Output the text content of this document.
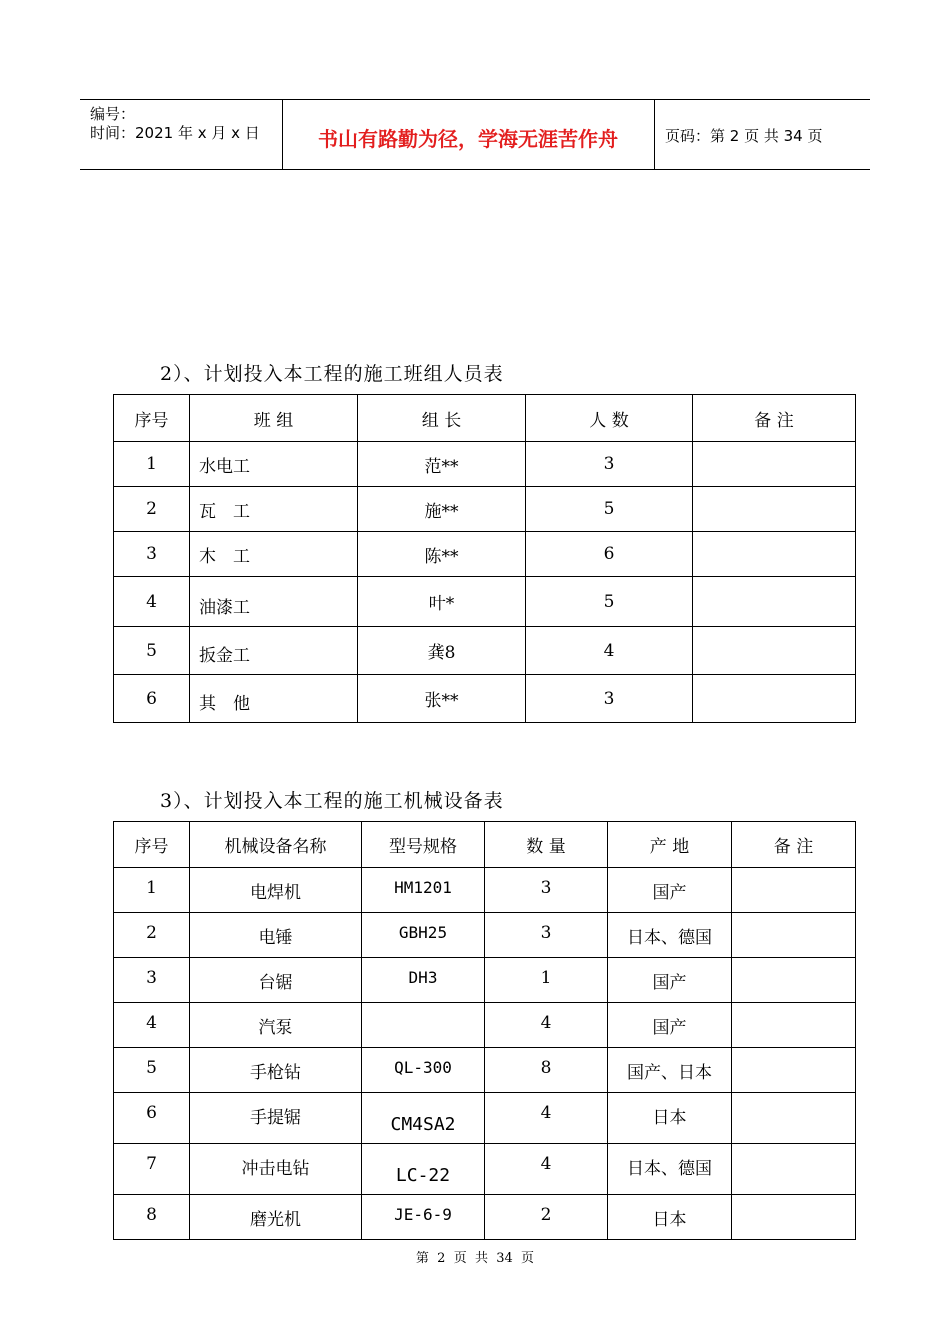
编号：
时间：2021 年 x 月 x 日	书山有路勤为径，学海无涯苦作舟	页码：第 2 页 共 34 页
2）、计划投入本工程的施工班组人员表
序号	班 组	组 长	人 数	备 注
1	水电工	范**	3	
2	瓦　工	施**	5	
3	木　工	陈**	6	
4	油漆工	叶*	5	
5	扳金工	龚8	4	
6	其　他	张**	3	
3）、计划投入本工程的施工机械设备表
序号	机械设备名称	型号规格	数 量	产 地	备 注
1	电焊机	HM1201	3	国产	
2	电锤	GBH25	3	日本、德国	
3	台锯	DH3	1	国产	
4	汽泵		4	国产	
5	手枪钻	QL-300	8	国产、日本	
6	手提锯	CM4SA2	4	日本	
7	冲击电钻	LC-22	4	日本、德国	
8	磨光机	JE-6-9	2	日本	
第  2  页  共  34  页
